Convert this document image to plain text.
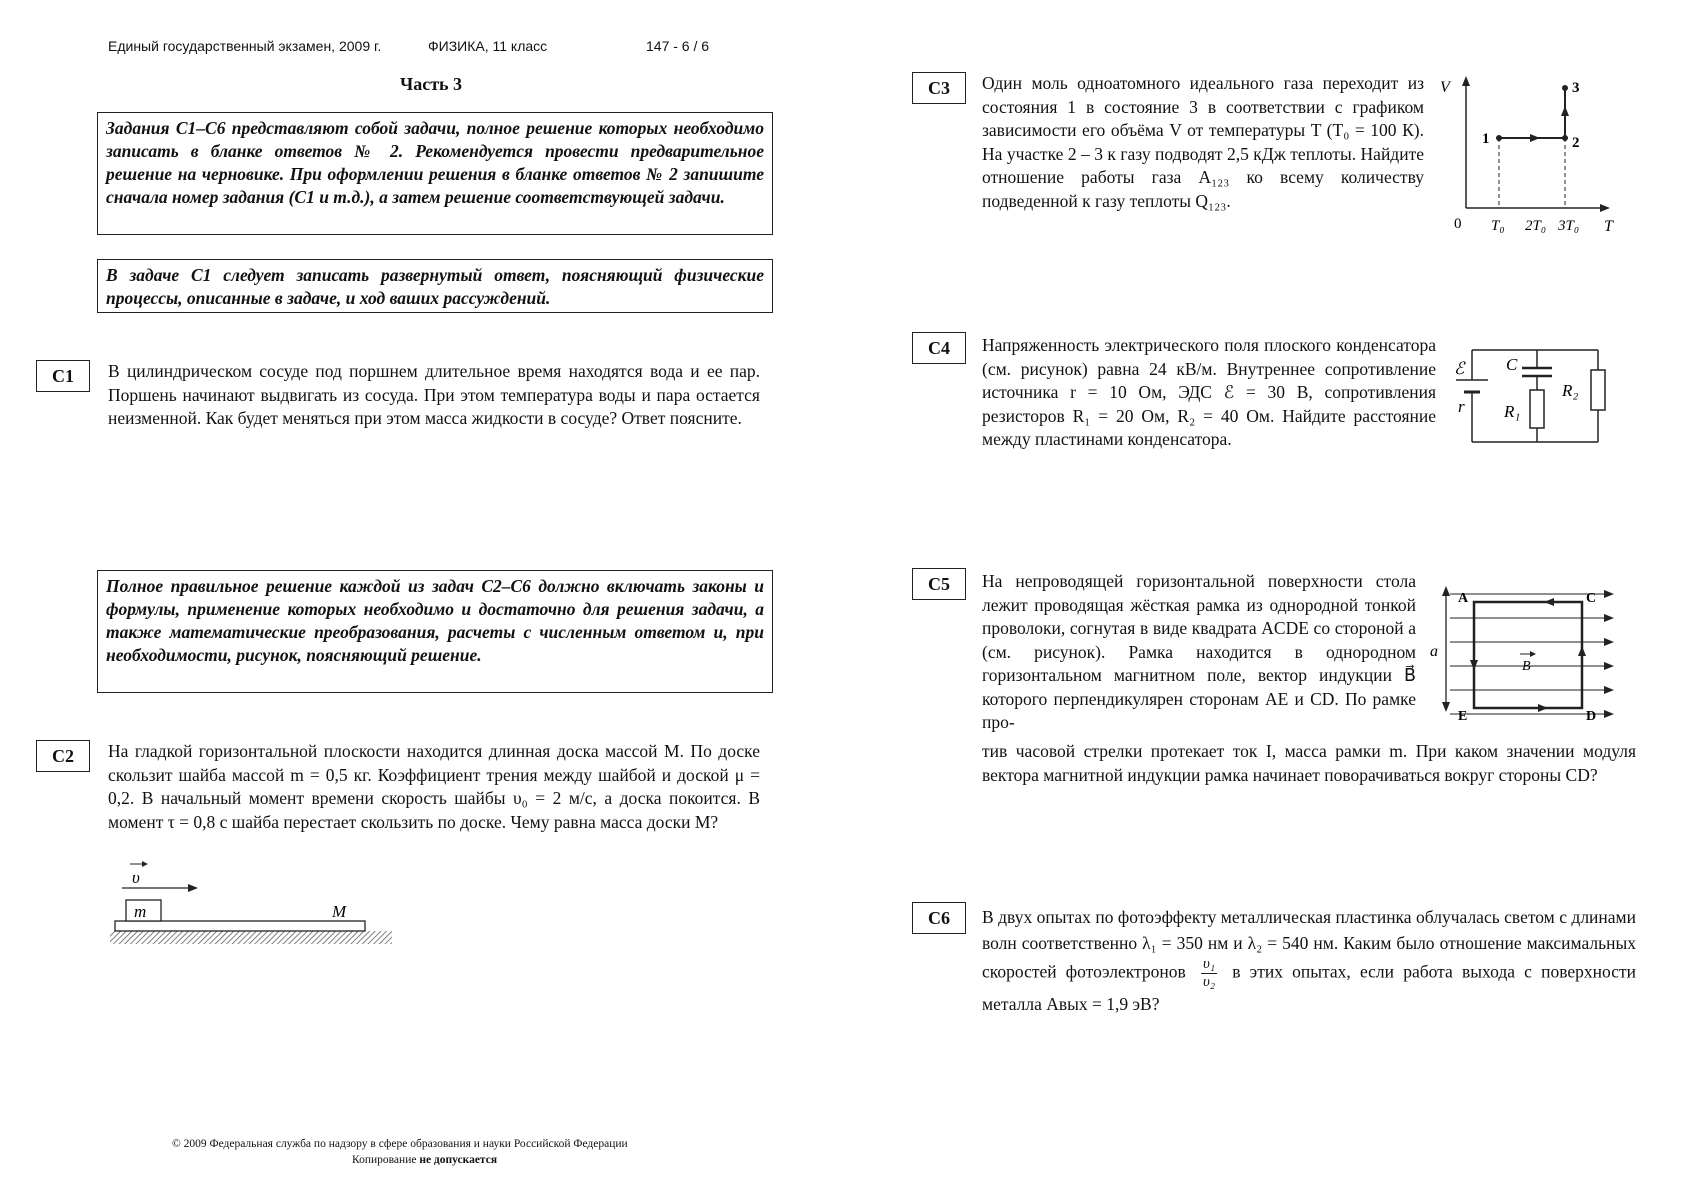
Единый государственный экзамен, 2009 г.	ФИЗИКА, 11 класс	147 - 6 / 6
Часть 3
Задания С1–С6 представляют собой задачи, полное решение которых необходимо записать в бланке ответов № 2. Рекомендуется провести предварительное решение на черновике. При оформлении решения в бланке ответов № 2 запишите сначала номер задания (С1 и т.д.), а затем решение соответствующей задачи.
В задаче С1 следует записать развернутый ответ, поясняющий физические процессы, описанные в задаче, и ход ваших рассуждений.
С1	В цилиндрическом сосуде под поршнем длительное время находятся вода и ее пар. Поршень начинают выдвигать из сосуда. При этом температура воды и пара остается неизменной. Как будет меняться при этом масса жидкости в сосуде? Ответ поясните.
Полное правильное решение каждой из задач С2–С6 должно включать законы и формулы, применение которых необходимо и достаточно для решения задачи, а также математические преобразования, расчеты с численным ответом и, при необходимости, рисунок, поясняющий решение.
С2	На гладкой горизонтальной плоскости находится длинная доска массой M. По доске скользит шайба массой m = 0,5 кг. Коэффициент трения между шайбой и доской μ = 0,2. В начальный момент времени скорость шайбы υ₀ = 2 м/с, а доска покоится. В момент τ = 0,8 с шайба перестает скользить по доске. Чему равна масса доски M?
m	M
υ
С3	Один моль одноатомного идеального газа переходит из состояния 1 в состояние 3 в соответствии с графиком зависимости его объёма V от температуры T (T₀ = 100 К). На участке 2 – 3 к газу подводят 2,5 кДж теплоты. Найдите отношение работы газа A₁₂₃ ко всему количеству подведенной к газу теплоты Q₁₂₃.
V
T
0
1	2
3
T₀ 2T₀ 3T₀
С4	Напряженность электрического поля плоского конденсатора (см. рисунок) равна 24 кВ/м. Внутреннее сопротивление источника r = 10 Ом, ЭДС ℰ = 30 В, сопротивления резисторов R₁ = 20 Ом, R₂ = 40 Ом. Найдите расстояние между пластинами конденсатора.
ℰ
r
C
R₁
R₂
С5	На непроводящей горизонтальной поверхности стола лежит проводящая жёсткая рамка из однородной тонкой проволоки, согнутая в виде квадрата ACDE со стороной a (см. рисунок). Рамка находится в однородном горизонтальном магнитном поле, вектор индукции B⃗ которого перпендикулярен сторонам AE и CD. По рамке про-
тив часовой стрелки протекает ток I, масса рамки m. При каком значении модуля вектора магнитной индукции рамка начинает поворачиваться вокруг стороны CD?
a
A	C
D
E
B
С6	В двух опытах по фотоэффекту металлическая пластинка облучалась светом с длинами волн соответственно λ₁ = 350 нм и λ₂ = 540 нм. Каким было отношение максимальных скоростей фотоэлектронов $\frac{\text{υ₁}}{\text{υ₂}}$ в этих опытах, если работа выхода с поверхности металла Aвых = 1,9 эВ?
© 2009 Федеральная служба по надзору в сфере образования и науки Российской Федерации
Копирование не допускается
